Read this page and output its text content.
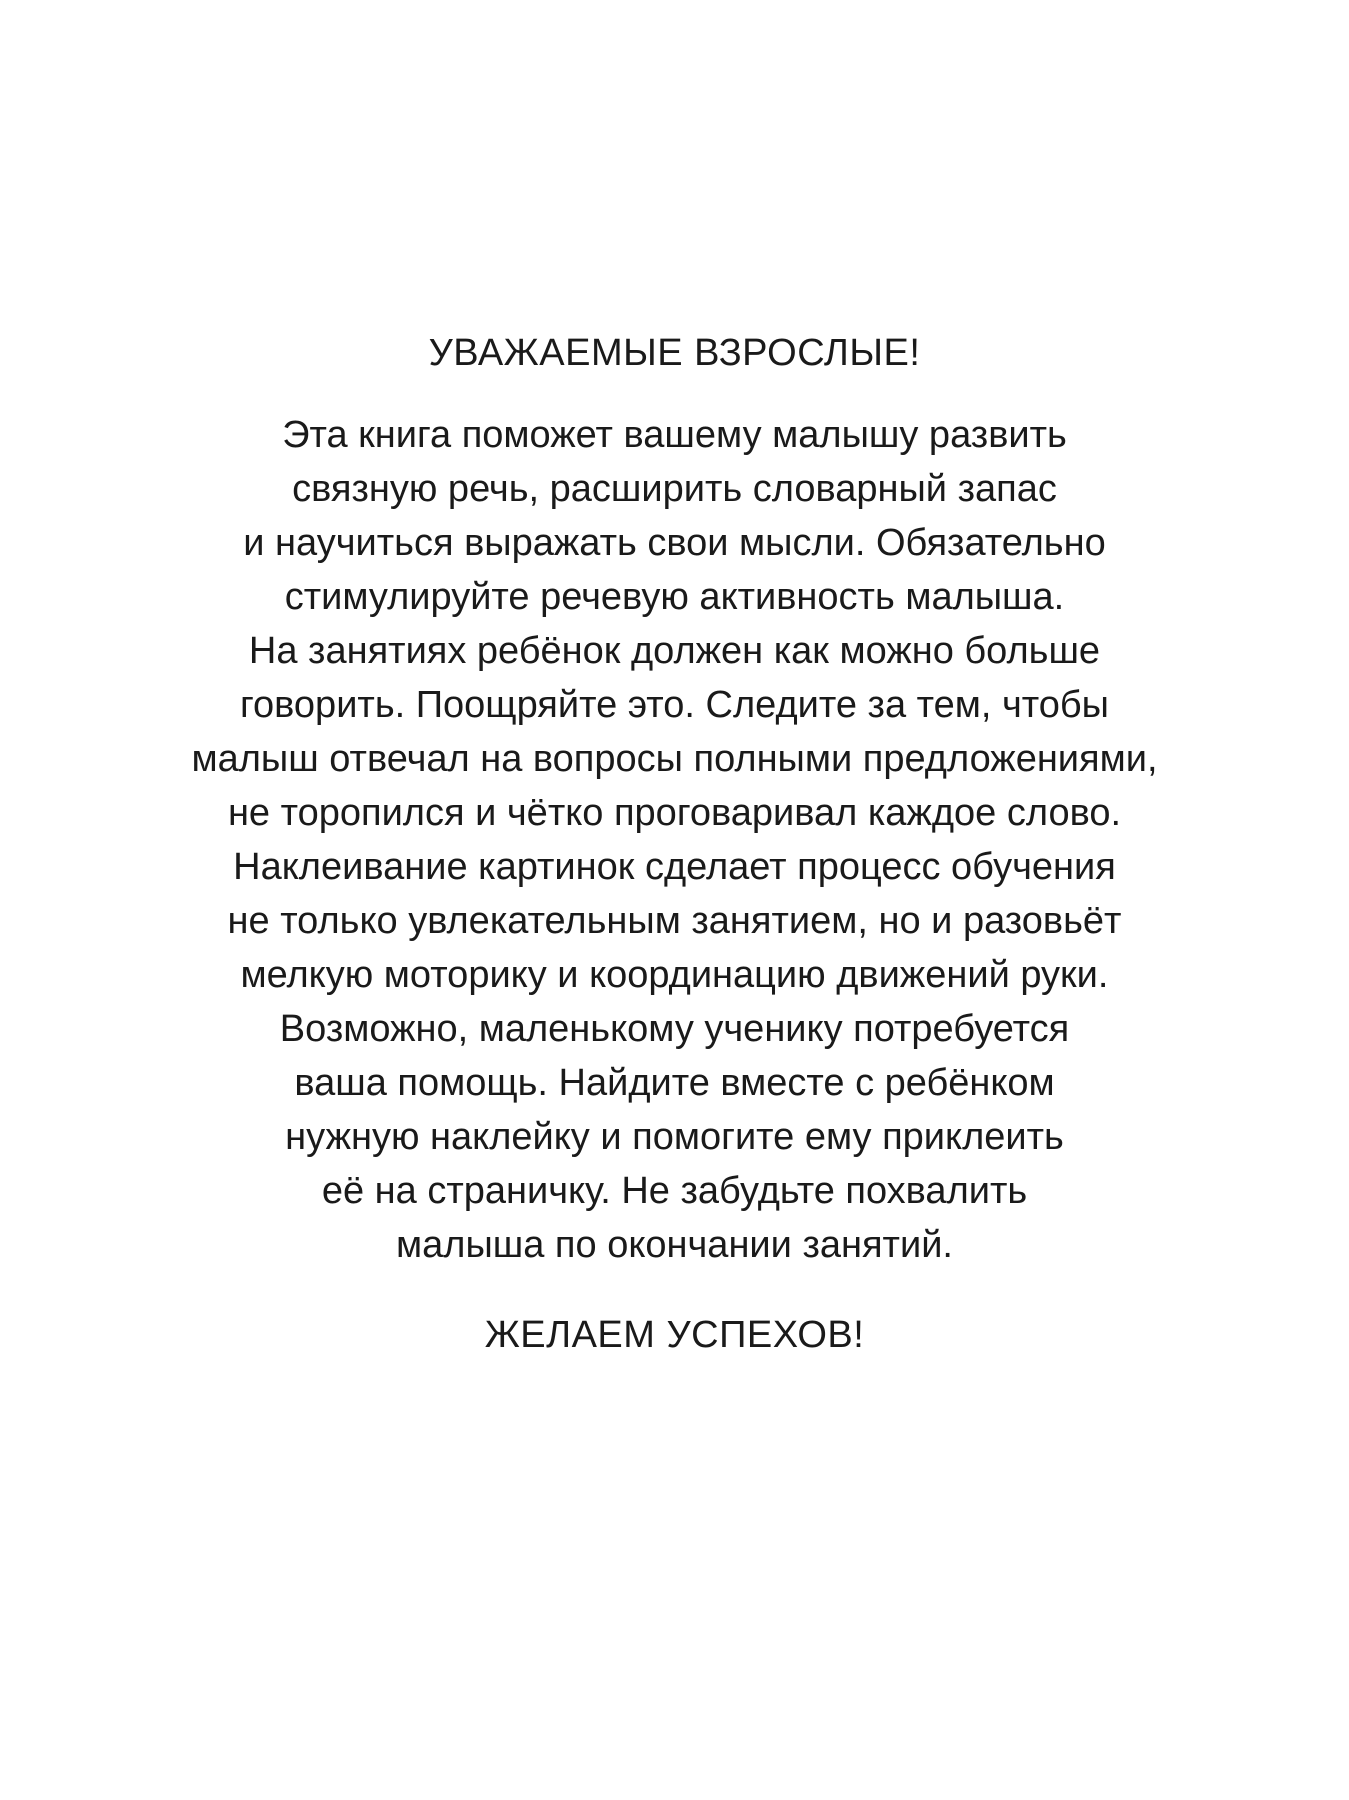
УВАЖАЕМЫЕ ВЗРОСЛЫЕ!
Эта книга поможет вашему малышу развить
связную речь, расширить словарный запас
и научиться выражать свои мысли. Обязательно
стимулируйте речевую активность малыша.
На занятиях ребёнок должен как можно больше
говорить. Поощряйте это. Следите за тем, чтобы
малыш отвечал на вопросы полными предложениями,
не торопился и чётко проговаривал каждое слово.
Наклеивание картинок сделает процесс обучения
не только увлекательным занятием, но и разовьёт
мелкую моторику и координацию движений руки.
Возможно, маленькому ученику потребуется
ваша помощь. Найдите вместе с ребёнком
нужную наклейку и помогите ему приклеить
её на страничку. Не забудьте похвалить
малыша по окончании занятий.
ЖЕЛАЕМ УСПЕХОВ!
